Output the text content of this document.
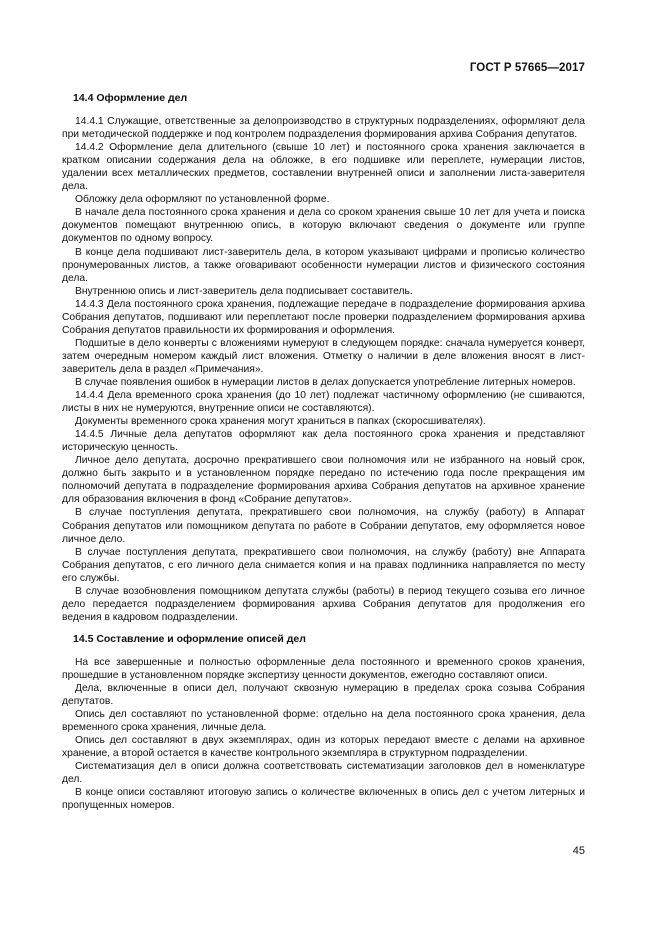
ГОСТ Р 57665—2017
14.4 Оформление дел

14.4.1 Служащие, ответственные за делопроизводство в структурных подразделениях, оформляют дела при методической поддержке и под контролем подразделения формирования архива Собрания депутатов.

14.4.2 Оформление дела длительного (свыше 10 лет) и постоянного срока хранения заключается в кратком описании содержания дела на обложке, в его подшивке или переплете, нумерации листов, удалении всех металлических предметов, составлении внутренней описи и заполнении листа-заверителя дела.

Обложку дела оформляют по установленной форме.

В начале дела постоянного срока хранения и дела со сроком хранения свыше 10 лет для учета и поиска документов помещают внутреннюю опись, в которую включают сведения о документе или группе документов по одному вопросу.

В конце дела подшивают лист-заверитель дела, в котором указывают цифрами и прописью количество пронумерованных листов, а также оговаривают особенности нумерации листов и физического состояния дела.

Внутреннюю опись и лист-заверитель дела подписывает составитель.

14.4.3 Дела постоянного срока хранения, подлежащие передаче в подразделение формирования архива Собрания депутатов, подшивают или переплетают после проверки подразделением формирования архива Собрания депутатов правильности их формирования и оформления.

Подшитые в дело конверты с вложениями нумеруют в следующем порядке: сначала нумеруется конверт, затем очередным номером каждый лист вложения. Отметку о наличии в деле вложения вносят в лист-заверитель дела в раздел «Примечания».

В случае появления ошибок в нумерации листов в делах допускается употребление литерных номеров.

14.4.4 Дела временного срока хранения (до 10 лет) подлежат частичному оформлению (не сшиваются, листы в них не нумеруются, внутренние описи не составляются).

Документы временного срока хранения могут храниться в папках (скоросшивателях).

14.4.5 Личные дела депутатов оформляют как дела постоянного срока хранения и представляют историческую ценность.

Личное дело депутата, досрочно прекратившего свои полномочия или не избранного на новый срок, должно быть закрыто и в установленном порядке передано по истечению года после прекращения им полномочий депутата в подразделение формирования архива Собрания депутатов на архивное хранение для образования включения в фонд «Собрание депутатов».

В случае поступления депутата, прекратившего свои полномочия, на службу (работу) в Аппарат Собрания депутатов или помощником депутата по работе в Собрании депутатов, ему оформляется новое личное дело.

В случае поступления депутата, прекратившего свои полномочия, на службу (работу) вне Аппарата Собрания депутатов, с его личного дела снимается копия и на правах подлинника направляется по месту его службы.

В случае возобновления помощником депутата службы (работы) в период текущего созыва его личное дело передается подразделением формирования архива Собрания депутатов для продолжения его ведения в кадровом подразделении.

14.5 Составление и оформление описей дел

На все завершенные и полностью оформленные дела постоянного и временного сроков хранения, прошедшие в установленном порядке экспертизу ценности документов, ежегодно составляют описи.

Дела, включенные в описи дел, получают сквозную нумерацию в пределах срока созыва Собрания депутатов.

Опись дел составляют по установленной форме: отдельно на дела постоянного срока хранения, дела временного срока хранения, личные дела.

Опись дел составляют в двух экземплярах, один из которых передают вместе с делами на архивное хранение, а второй остается в качестве контрольного экземпляра в структурном подразделении.

Систематизация дел в описи должна соответствовать систематизации заголовков дел в номенклатуре дел.

В конце описи составляют итоговую запись о количестве включенных в опись дел с учетом литерных и пропущенных номеров.

45
